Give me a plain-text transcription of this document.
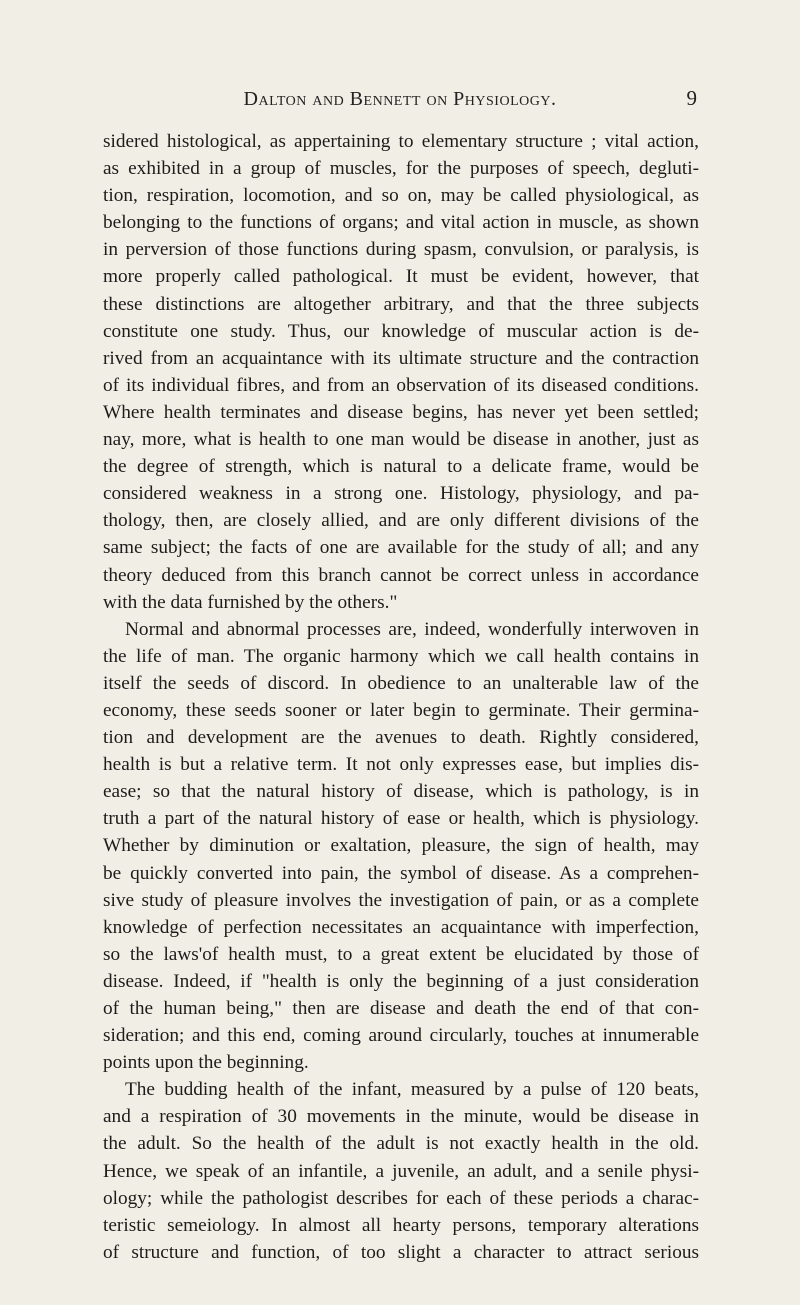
Dalton and Bennett on Physiology.	9
sidered histological, as appertaining to elementary structure ; vital action,
as exhibited in a group of muscles, for the purposes of speech, degluti-
tion, respiration, locomotion, and so on, may be called physiological, as
belonging to the functions of organs; and vital action in muscle, as shown
in perversion of those functions during spasm, convulsion, or paralysis, is
more properly called pathological. It must be evident, however, that
these distinctions are altogether arbitrary, and that the three subjects
constitute one study. Thus, our knowledge of muscular action is de-
rived from an acquaintance with its ultimate structure and the contraction
of its individual fibres, and from an observation of its diseased conditions.
Where health terminates and disease begins, has never yet been settled;
nay, more, what is health to one man would be disease in another, just as
the degree of strength, which is natural to a delicate frame, would be
considered weakness in a strong one. Histology, physiology, and pa-
thology, then, are closely allied, and are only different divisions of the
same subject; the facts of one are available for the study of all; and any
theory deduced from this branch cannot be correct unless in accordance
with the data furnished by the others."
Normal and abnormal processes are, indeed, wonderfully interwoven in
the life of man. The organic harmony which we call health contains in
itself the seeds of discord. In obedience to an unalterable law of the
economy, these seeds sooner or later begin to germinate. Their germina-
tion and development are the avenues to death. Rightly considered,
health is but a relative term. It not only expresses ease, but implies dis-
ease; so that the natural history of disease, which is pathology, is in
truth a part of the natural history of ease or health, which is physiology.
Whether by diminution or exaltation, pleasure, the sign of health, may
be quickly converted into pain, the symbol of disease. As a comprehen-
sive study of pleasure involves the investigation of pain, or as a complete
knowledge of perfection necessitates an acquaintance with imperfection,
so the laws'of health must, to a great extent be elucidated by those of
disease. Indeed, if "health is only the beginning of a just consideration
of the human being," then are disease and death the end of that con-
sideration; and this end, coming around circularly, touches at innumerable
points upon the beginning.
The budding health of the infant, measured by a pulse of 120 beats,
and a respiration of 30 movements in the minute, would be disease in
the adult. So the health of the adult is not exactly health in the old.
Hence, we speak of an infantile, a juvenile, an adult, and a senile physi-
ology; while the pathologist describes for each of these periods a charac-
teristic semeiology. In almost all hearty persons, temporary alterations
of structure and function, of too slight a character to attract serious
